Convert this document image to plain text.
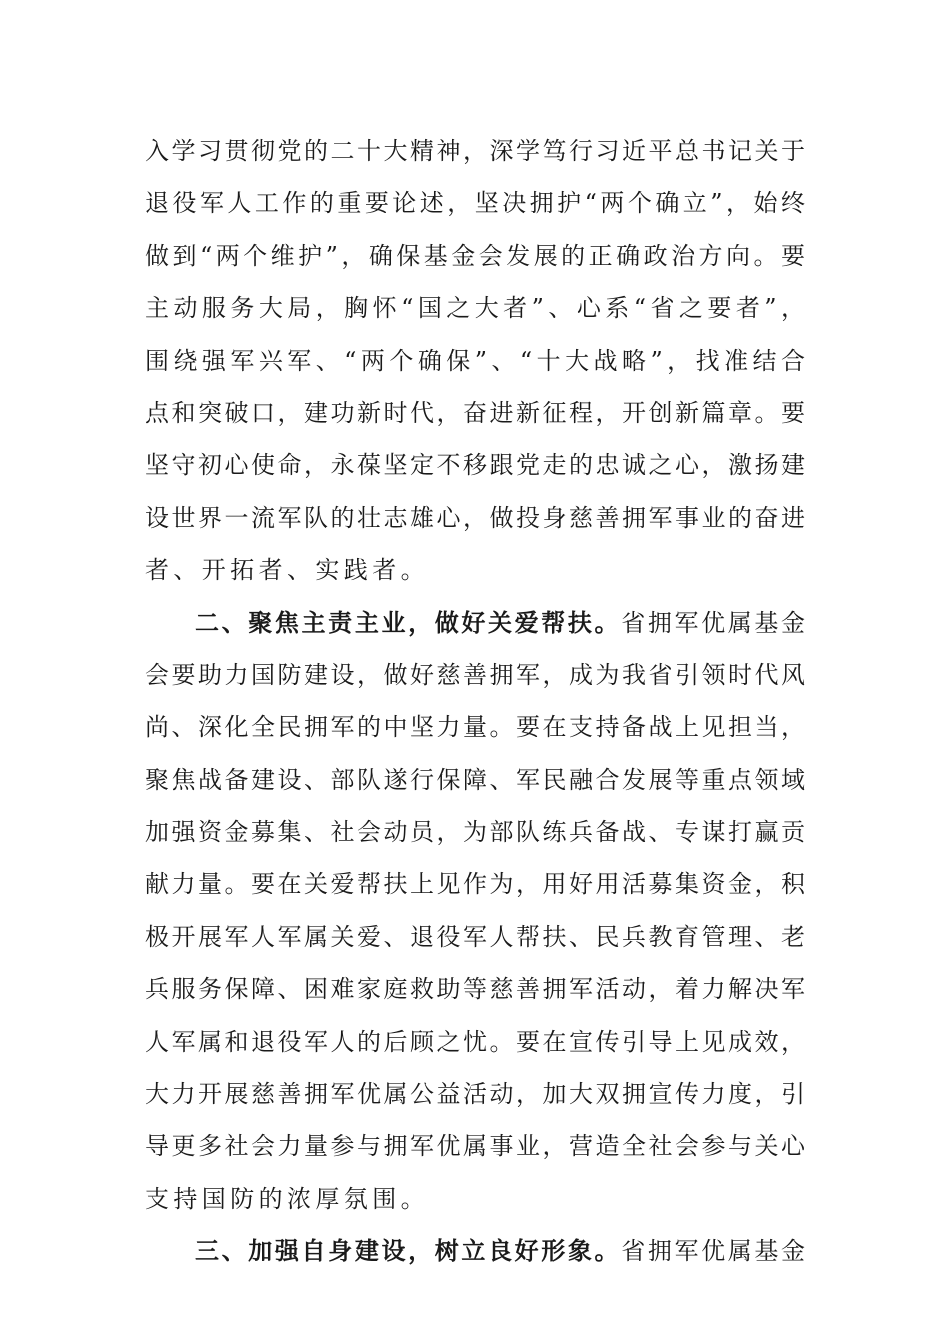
入学习贯彻党的二十大精神，深学笃行习近平总书记关于
退役军人工作的重要论述，坚决拥护“两个确立”，始终
做到“两个维护”，确保基金会发展的正确政治方向。要
主动服务大局，胸怀“国之大者”、心系“省之要者”，
围绕强军兴军、“两个确保”、“十大战略”，找准结合
点和突破口，建功新时代，奋进新征程，开创新篇章。要
坚守初心使命，永葆坚定不移跟党走的忠诚之心，激扬建
设世界一流军队的壮志雄心，做投身慈善拥军事业的奋进
者、开拓者、实践者。
二、聚焦主责主业，做好关爱帮扶。省拥军优属基金
会要助力国防建设，做好慈善拥军，成为我省引领时代风
尚、深化全民拥军的中坚力量。要在支持备战上见担当，
聚焦战备建设、部队遂行保障、军民融合发展等重点领域
加强资金募集、社会动员，为部队练兵备战、专谋打赢贡
献力量。要在关爱帮扶上见作为，用好用活募集资金，积
极开展军人军属关爱、退役军人帮扶、民兵教育管理、老
兵服务保障、困难家庭救助等慈善拥军活动，着力解决军
人军属和退役军人的后顾之忧。要在宣传引导上见成效，
大力开展慈善拥军优属公益活动，加大双拥宣传力度，引
导更多社会力量参与拥军优属事业，营造全社会参与关心
支持国防的浓厚氛围。
三、加强自身建设，树立良好形象。省拥军优属基金
